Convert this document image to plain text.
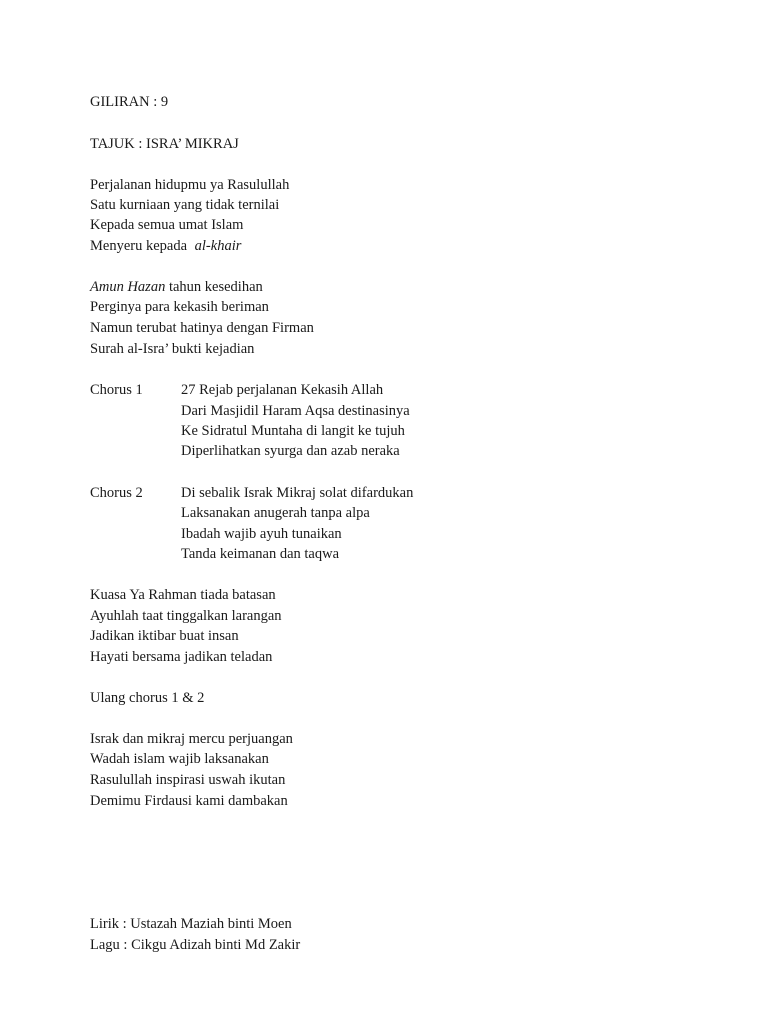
GILIRAN : 9
TAJUK : ISRA’ MIKRAJ
Perjalanan hidupmu ya Rasulullah
Satu kurniaan yang tidak ternilai
Kepada semua umat Islam
Menyeru kepada al-khair
Amun Hazan tahun kesedihan
Perginya para kekasih beriman
Namun terubat hatinya dengan Firman
Surah al-Isra’ bukti kejadian
Chorus 1	27 Rejab perjalanan Kekasih Allah
Dari Masjidil Haram Aqsa destinasinya
Ke Sidratul Muntaha di langit ke tujuh
Diperlihatkan syurga dan azab neraka
Chorus 2	Di sebalik Israk Mikraj solat difardukan
Laksanakan anugerah tanpa alpa
Ibadah wajib ayuh tunaikan
Tanda keimanan dan taqwa
Kuasa Ya Rahman tiada batasan
Ayuhlah taat tinggalkan larangan
Jadikan iktibar buat insan
Hayati bersama jadikan teladan
Ulang chorus 1 & 2
Israk dan mikraj mercu perjuangan
Wadah islam wajib laksanakan
Rasulullah inspirasi uswah ikutan
Demimu Firdausi kami dambakan
Lirik : Ustazah Maziah binti Moen
Lagu : Cikgu Adizah binti Md Zakir
